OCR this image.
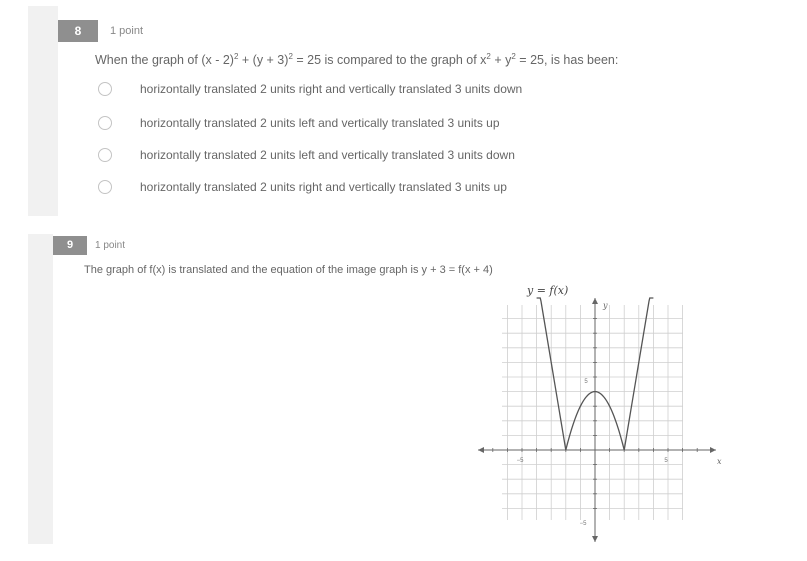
8	1 point
When the graph of $(x - 2)^2 + (y + 3)^2 = 25$ is compared to the graph of $x^2 + y^2 = 25$, is has been:
horizontally translated 2 units right and vertically translated 3 units down
horizontally translated 2 units left and vertically translated 3 units up
horizontally translated 2 units left and vertically translated 3 units down
horizontally translated 2 units right and vertically translated 3 units up
9	1 point
The graph of f(x) is translated and the equation of the image graph is y + 3 = f(x + 4)
y = f(x)
y
x
−5	5
5
−5
